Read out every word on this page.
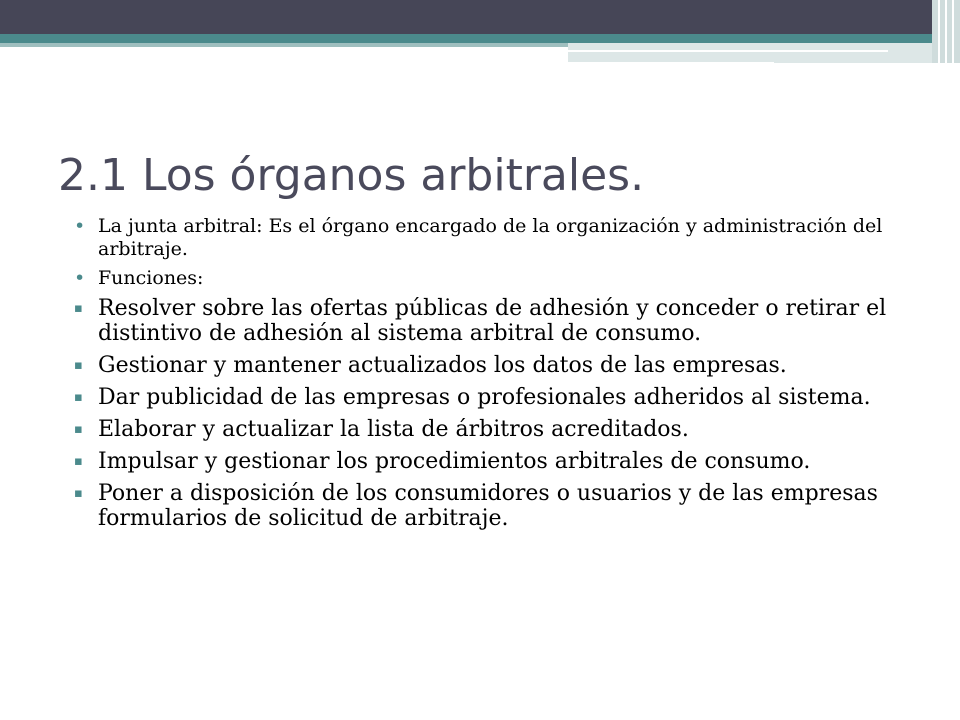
2.1 Los órganos arbitrales.
• La junta arbitral: Es el órgano encargado de la organización y administración del arbitraje.
• Funciones:
▪ Resolver sobre las ofertas públicas de adhesión y conceder o retirar el distintivo de adhesión al sistema arbitral de consumo.
▪ Gestionar y mantener actualizados los datos de las empresas.
▪ Dar publicidad de las empresas o profesionales adheridos al sistema.
▪ Elaborar y actualizar la lista de árbitros acreditados.
▪ Impulsar y gestionar los procedimientos arbitrales de consumo.
▪ Poner a disposición de los consumidores o usuarios y de las empresas formularios de solicitud de arbitraje.
